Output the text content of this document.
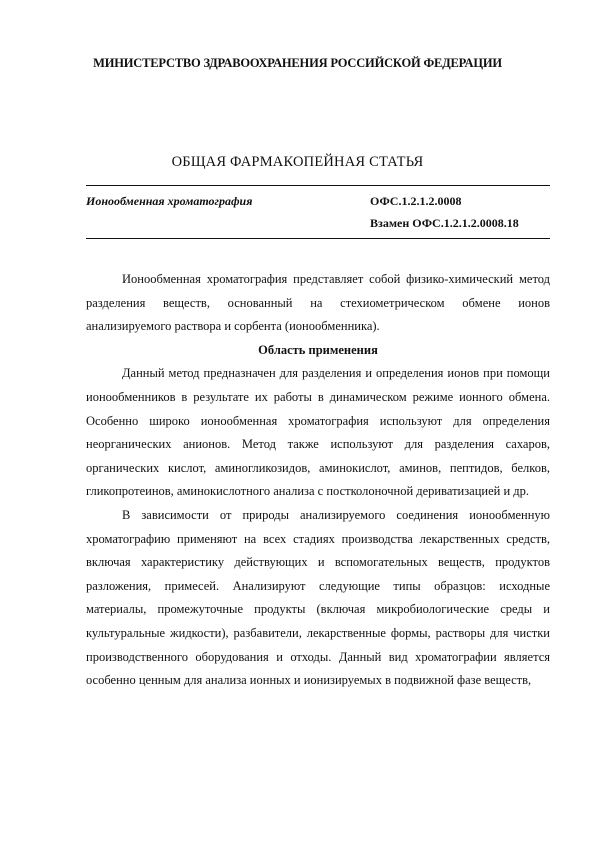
МИНИСТЕРСТВО ЗДРАВООХРАНЕНИЯ РОССИЙСКОЙ ФЕДЕРАЦИИ
ОБЩАЯ ФАРМАКОПЕЙНАЯ СТАТЬЯ
Ионообменная хроматография	ОФС.1.2.1.2.0008
Взамен ОФС.1.2.1.2.0008.18

Ионообменная хроматография представляет собой физико-химический метод разделения веществ, основанный на стехиометрическом обмене ионов анализируемого раствора и сорбента (ионообменника).

Область применения

Данный метод предназначен для разделения и определения ионов при помощи ионообменников в результате их работы в динамическом режиме ионного обмена. Особенно широко ионообменная хроматография используют для определения неорганических анионов. Метод также используют для разделения сахаров, органических кислот, аминогликозидов, аминокислот, аминов, пептидов, белков, гликопротеинов, аминокислотного анализа с постколоночной дериватизацией и др.

В зависимости от природы анализируемого соединения ионообменную хроматографию применяют на всех стадиях производства лекарственных средств, включая характеристику действующих и вспомогательных веществ, продуктов разложения, примесей. Анализируют следующие типы образцов: исходные материалы, промежуточные продукты (включая микробиологические среды и культуральные жидкости), разбавители, лекарственные формы, растворы для чистки производственного оборудования и отходы. Данный вид хроматографии является особенно ценным для анализа ионных и ионизируемых в подвижной фазе веществ,
